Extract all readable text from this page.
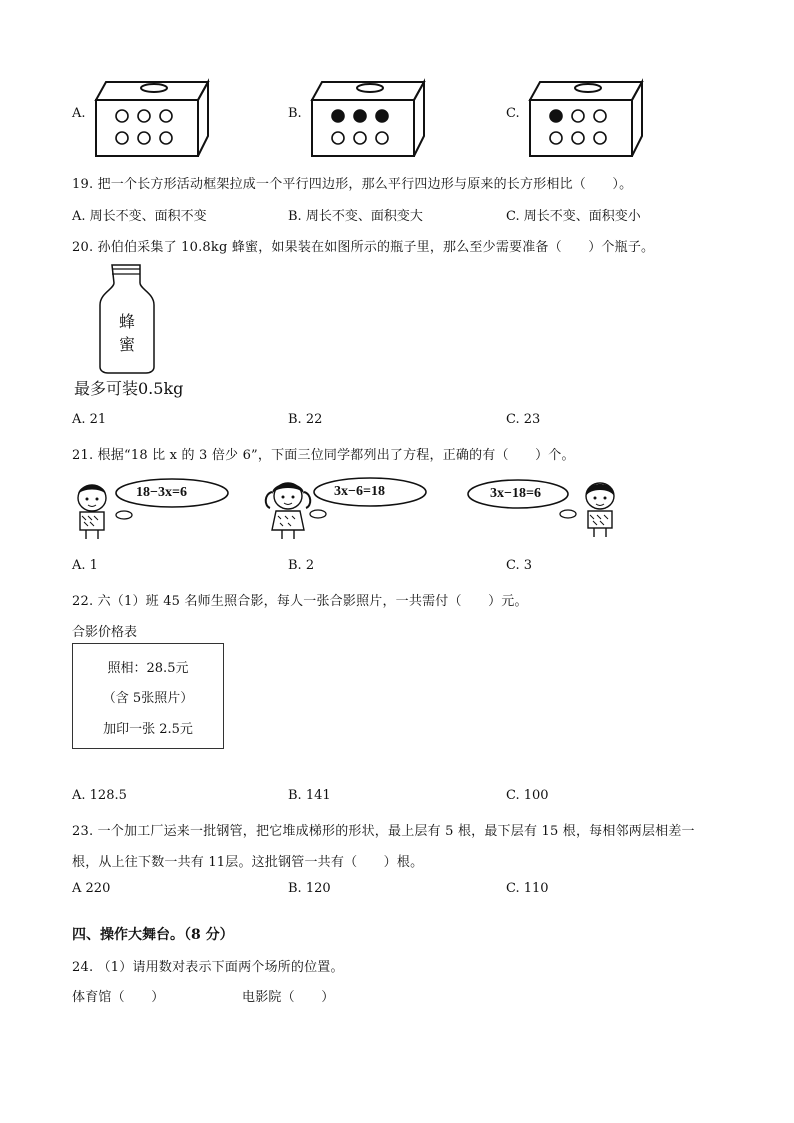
A.	B.	C.
19. 把一个长方形活动框架拉成一个平行四边形，那么平行四边形与原来的长方形相比（　　）。
A. 周长不变、面积不变	B. 周长不变、面积变大	C. 周长不变、面积变小
20. 孙伯伯采集了 10.8kg 蜂蜜，如果装在如图所示的瓶子里，那么至少需要准备（　　）个瓶子。
蜂
蜜
最多可装0.5kg
A. 21	B. 22	C. 23
21. 根据“18 比 x 的 3 倍少 6”，下面三位同学都列出了方程，正确的有（　　）个。
18−3x=6	3x−6=18	3x−18=6
A. 1	B. 2	C. 3
22. 六（1）班 45 名师生照合影，每人一张合影照片，一共需付（　　）元。
合影价格表
照相：28.5元
（含 5张照片）
加印一张 2.5元
A. 128.5	B. 141	C. 100
23. 一个加工厂运来一批钢管，把它堆成梯形的形状，最上层有 5 根，最下层有 15 根，每相邻两层相差一
根，从上往下数一共有 11层。这批钢管一共有（　　）根。
A 220	B. 120	C. 110
四、操作大舞台。（8 分）
24. （1）请用数对表示下面两个场所的位置。
体育馆（　　）	电影院（　　）
